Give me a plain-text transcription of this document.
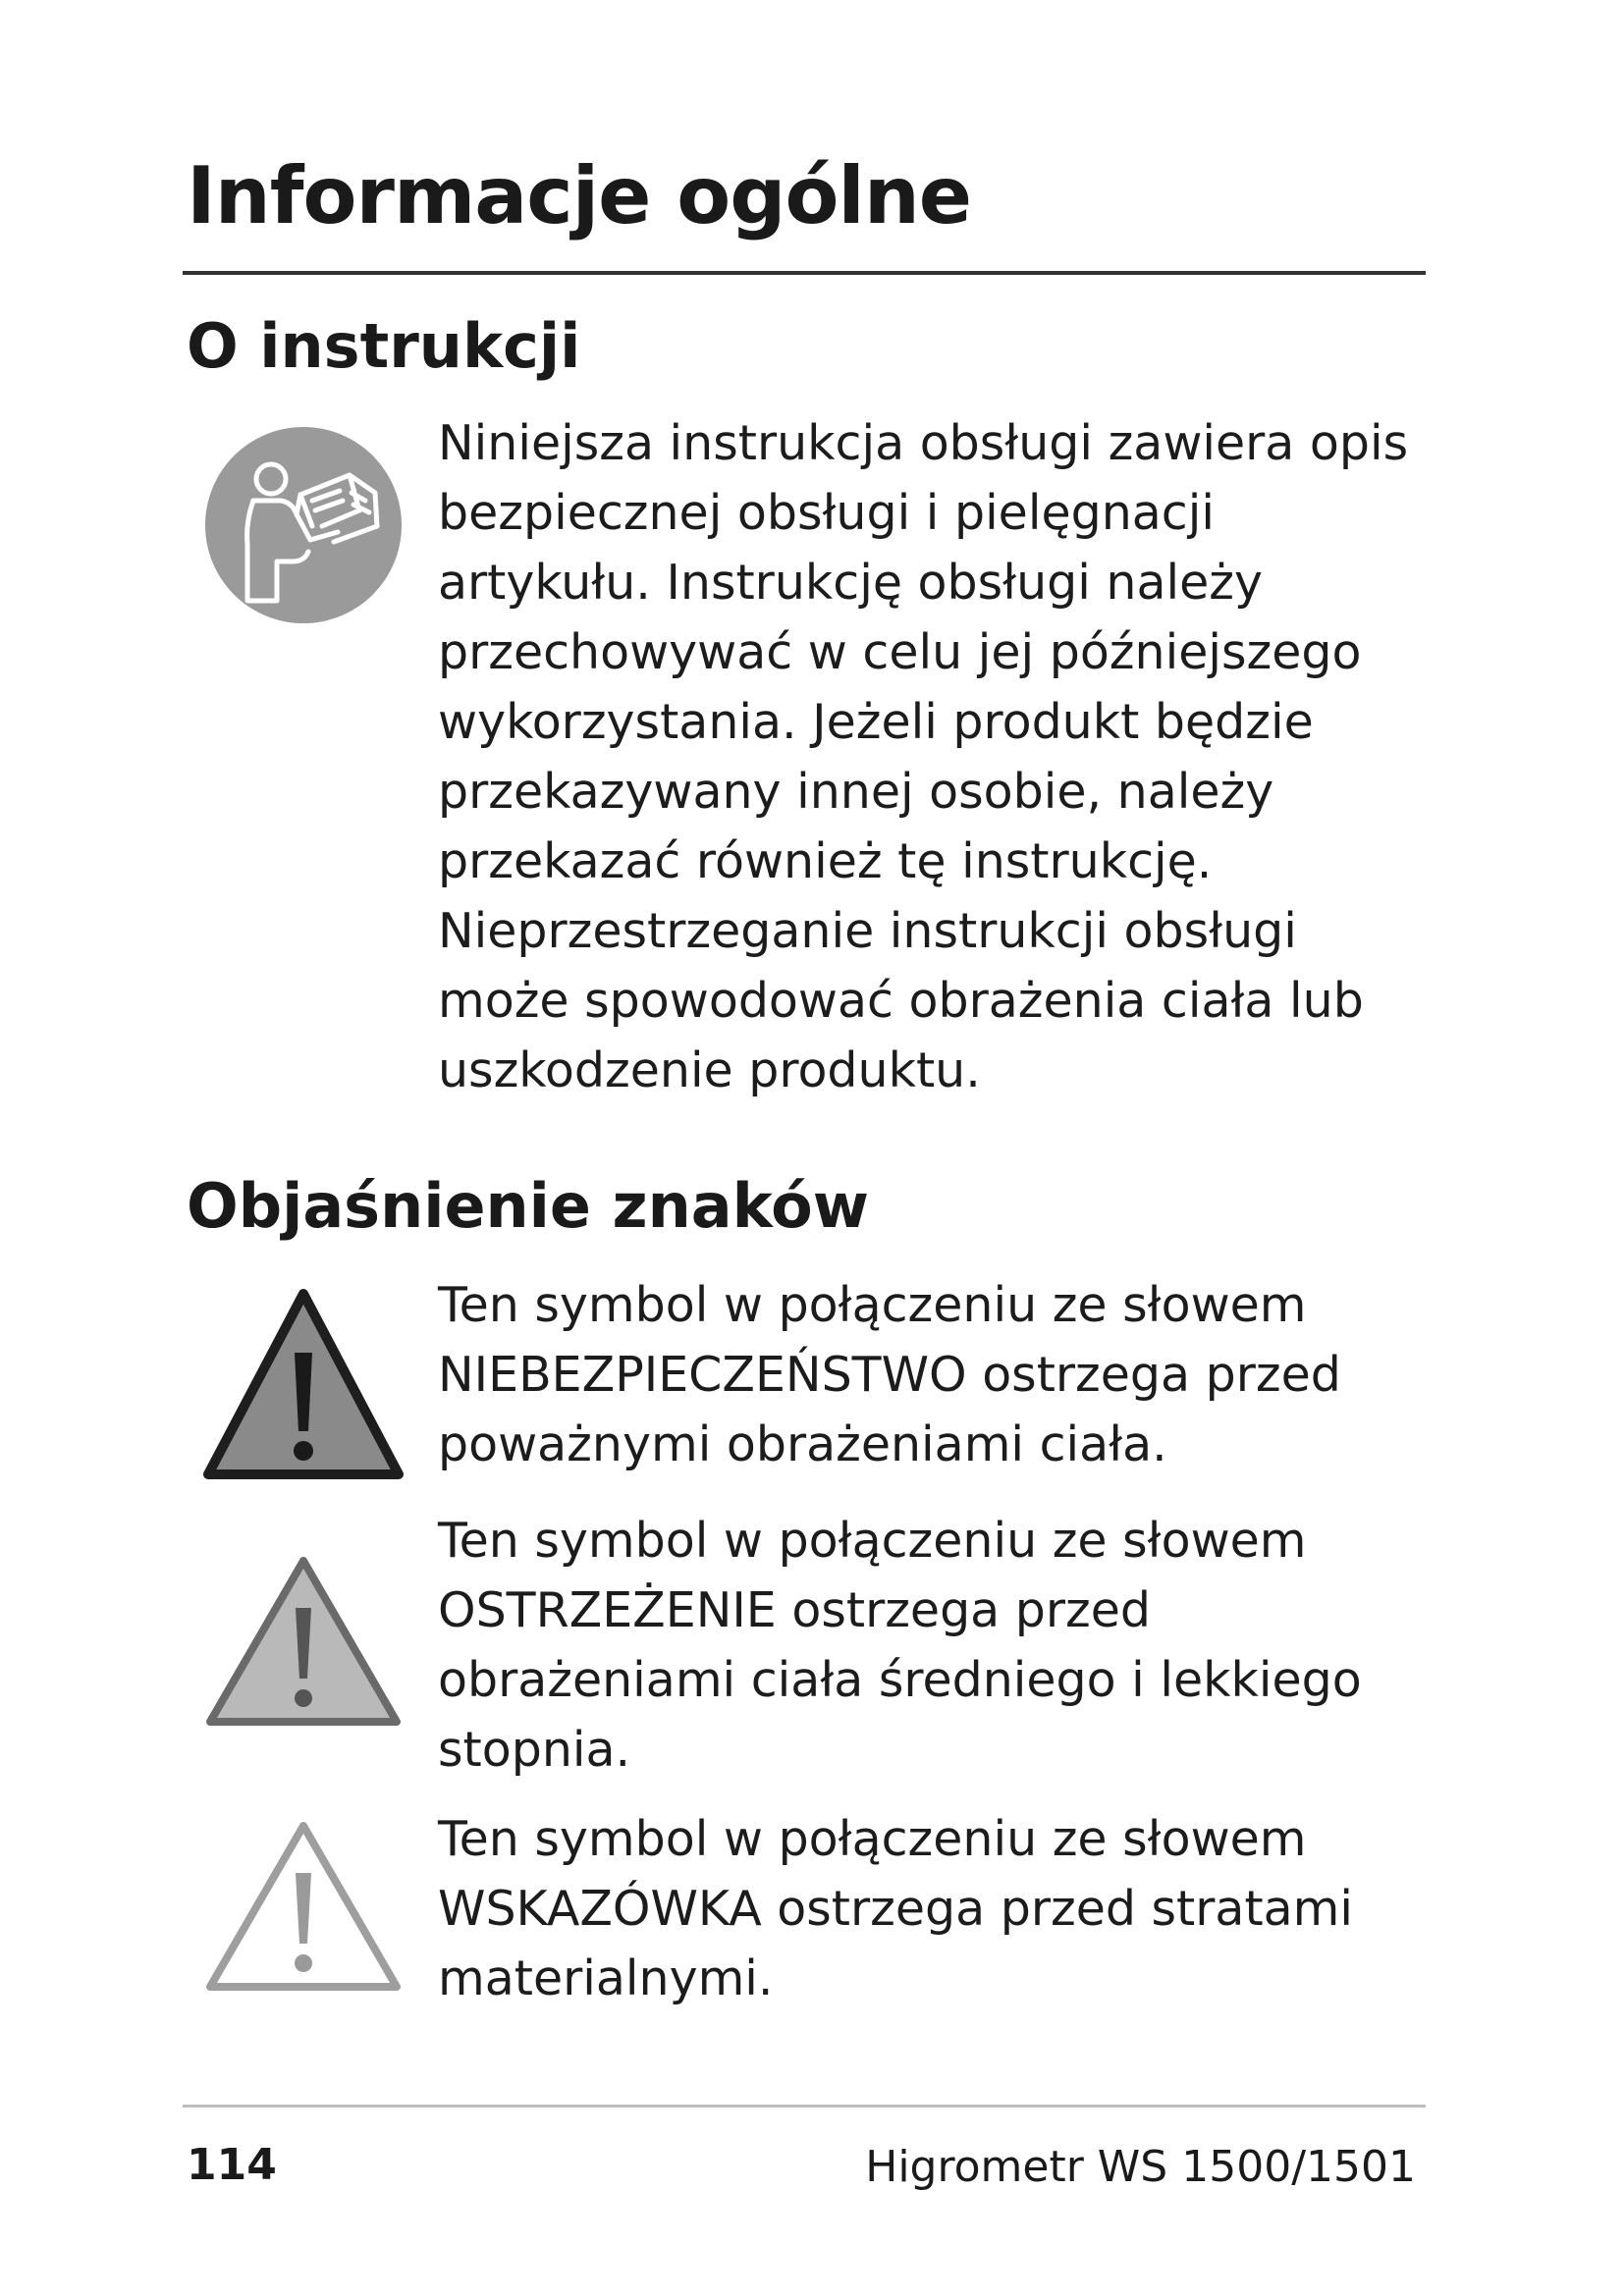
Informacje ogólne
O instrukcji

Niniejsza instrukcja obsługi zawiera opis bezpiecznej obsługi i pielęgnacji artykułu. Instrukcję obsługi należy przechowywać w celu jej późniejszego wykorzystania. Jeżeli produkt będzie przekazywany innej osobie, należy przekazać również tę instrukcję. Nieprzestrzeganie instrukcji obsługi może spowodować obrażenia ciała lub uszkodzenie produktu.

Objaśnienie znaków

Ten symbol w połączeniu ze słowem NIEBEZPIECZEŃSTWO ostrzega przed poważnymi obrażeniami ciała.

Ten symbol w połączeniu ze słowem OSTRZEŻENIE ostrzega przed obrażeniami ciała średniego i lekkiego stopnia.

Ten symbol w połączeniu ze słowem WSKAZÓWKA ostrzega przed stratami materialnymi.

114	Higrometr WS 1500/1501
